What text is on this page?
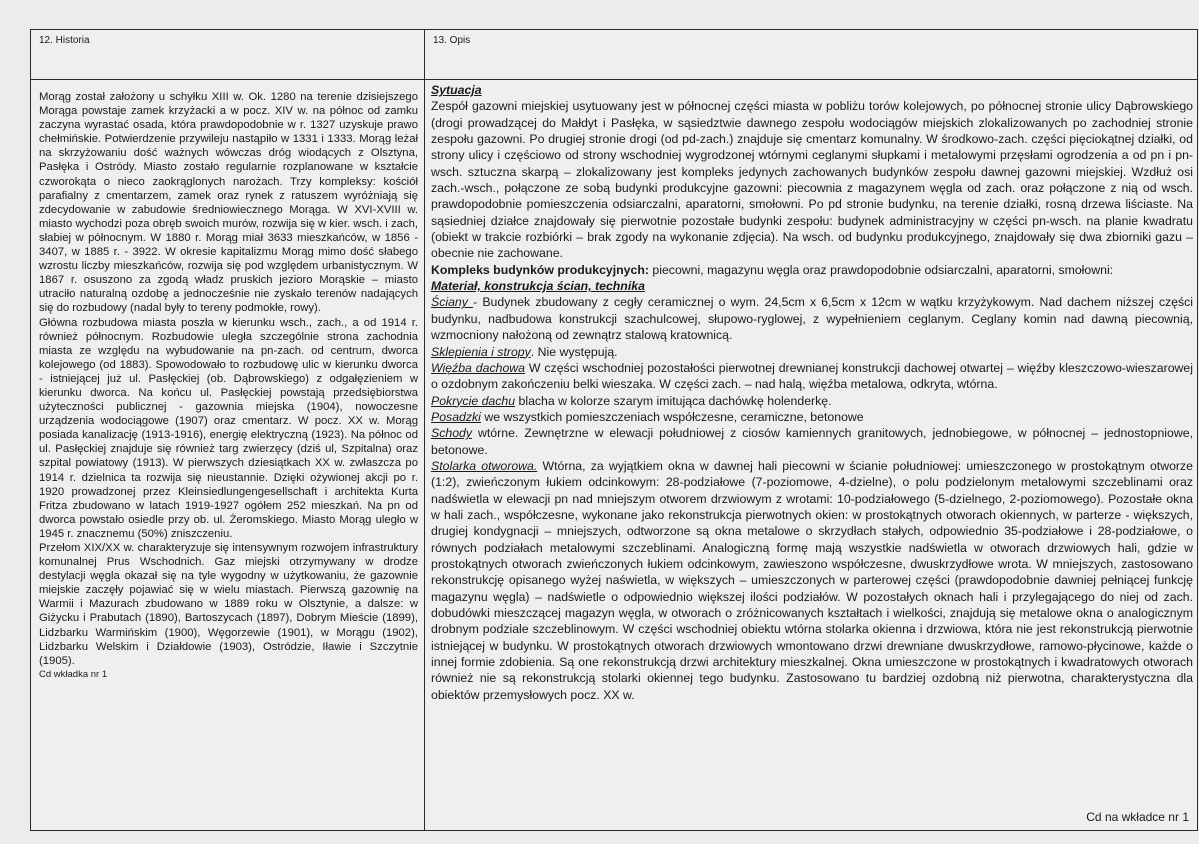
12. Historia

Morąg został założony u schyłku XIII w. Ok. 1280 na terenie dzisiejszego Morąga powstaje zamek krzyżacki a w pocz. XIV w. na północ od zamku zaczyna wyrastać osada, która prawdopodobnie w r. 1327 uzyskuje prawo chełmińskie. Potwierdzenie przywileju nastąpiło w 1331 i 1333. Morąg leżał na skrzyżowaniu dość ważnych wówczas dróg wiodących z Olsztyna, Pasłęka i Ostródy. Miasto zostało regularnie rozplanowane w kształcie czworokąta o nieco zaokrąglonych narożach. Trzy kompleksy: kościół parafialny z cmentarzem, zamek oraz rynek z ratuszem wyróżniają się zdecydowanie w zabudowie średniowiecznego Morąga. W XVI-XVIII w. miasto wychodzi poza obręb swoich murów, rozwija się w kier. wsch. i zach, słabiej w północnym. W 1880 r. Morąg miał 3633 mieszkańców, w 1856 - 3407, w 1885 r. - 3922. W okresie kapitalizmu Morąg mimo dość słabego wzrostu liczby mieszkańców, rozwija się pod względem urbanistycznym. W 1867 r. osuszono za zgodą władz pruskich jezioro Morąskie – miasto utraciło naturalną ozdobę a jednocześnie nie zyskało terenów nadających się do rozbudowy (nadal były to tereny podmokłe, rowy).

Główna rozbudowa miasta poszła w kierunku wsch., zach., a od 1914 r. również północnym. Rozbudowie uległa szczególnie strona zachodnia miasta ze względu na wybudowanie na pn-zach. od centrum, dworca kolejowego (od 1883). Spowodowało to rozbudowę ulic w kierunku dworca - istniejącej już ul. Pasłęckiej (ob. Dąbrowskiego) z odgałęzieniem w kierunku dworca. Na końcu ul. Pasłęckiej powstają przedsiębiorstwa użyteczności publicznej - gazownia miejska (1904), nowoczesne urządzenia wodociągowe (1907) oraz cmentarz. W pocz. XX w. Morąg posiada kanalizację (1913-1916), energię elektryczną (1923). Na północ od ul. Pasłęckiej znajduje się również targ zwierzęcy (dziś ul, Szpitalna) oraz szpital powiatowy (1913). W pierwszych dziesiątkach XX w. zwłaszcza po 1914 r. dzielnica ta rozwija się nieustannie. Dzięki ożywionej akcji po r. 1920 prowadzonej przez Kleinsiedlungengesellschaft i architekta Kurta Fritza zbudowano w latach 1919-1927 ogółem 252 mieszkań. Na pn od dworca powstało osiedle przy ob. ul. Żeromskiego. Miasto Morąg uległo w 1945 r. znacznemu (50%) zniszczeniu.

Przełom XIX/XX w. charakteryzuje się intensywnym rozwojem infrastruktury komunalnej Prus Wschodnich. Gaz miejski otrzymywany w drodze destylacji węgla okazał się na tyle wygodny w użytkowaniu, że gazownie miejskie zaczęły pojawiać się w wielu miastach. Pierwszą gazownię na Warmii i Mazurach zbudowano w 1889 roku w Olsztynie, a dalsze: w Giżycku i Prabutach (1890), Bartoszycach (1897), Dobrym Mieście (1899), Lidzbarku Warmińskim (1900), Węgorzewie (1901), w Morągu (1902), Lidzbarku Welskim i Działdowie (1903), Ostródzie, Iławie i Szczytnie (1905).

Cd wkładka nr 1
13. Opis
Sytuacja

Zespół gazowni miejskiej usytuowany jest w północnej części miasta w pobliżu torów kolejowych, po północnej stronie ulicy Dąbrowskiego (drogi prowadzącej do Małdyt i Pasłęka, w sąsiedztwie dawnego zespołu wodociągów miejskich zlokalizowanych po zachodniej stronie zespołu gazowni. Po drugiej stronie drogi (od pd-zach.) znajduje się cmentarz komunalny. W środkowo-zach. części pięciokątnej działki, od strony ulicy i częściowo od strony wschodniej wygrodzonej wtórnymi ceglanymi słupkami i metalowymi przęsłami ogrodzenia a od pn i pn-wsch. sztuczna skarpą – zlokalizowany jest kompleks jedynych zachowanych budynków zespołu dawnej gazowni miejskiej. Wzdłuż osi zach.-wsch., połączone ze sobą budynki produkcyjne gazowni: piecownia z magazynem węgla od zach. oraz połączone z nią od wsch. prawdopodobnie pomieszczenia odsiarczalni, aparatorni, smołowni. Po pd stronie budynku, na terenie działki, rosną drzewa liściaste. Na sąsiedniej działce znajdowały się pierwotnie pozostałe budynki zespołu: budynek administracyjny w części pn-wsch. na planie kwadratu (obiekt w trakcie rozbiórki – brak zgody na wykonanie zdjęcia). Na wsch. od budynku produkcyjnego, znajdowały się dwa zbiorniki gazu – obecnie nie zachowane.

Kompleks budynków produkcyjnych: piecowni, magazynu węgla oraz prawdopodobnie odsiarczalni, aparatorni, smołowni:

Materiał, konstrukcja ścian, technika

Ściany - Budynek zbudowany z cegły ceramicznej o wym. 24,5cm x 6,5cm x 12cm w wątku krzyżykowym. Nad dachem niższej części budynku, nadbudowa konstrukcji szachulcowej, słupowo-ryglowej, z wypełnieniem ceglanym. Ceglany komin nad dawną piecownią, wzmocniony nałożoną od zewnątrz stalową kratownicą.

Sklepienia i stropy. Nie występują.

Więźba dachowa W części wschodniej pozostałości pierwotnej drewnianej konstrukcji dachowej otwartej – więźby kleszczowo-wieszarowej o ozdobnym zakończeniu belki wieszaka. W części zach. – nad halą, więźba metalowa, odkryta, wtórna.

Pokrycie dachu blacha w kolorze szarym imitująca dachówkę holenderkę.

Posadzki we wszystkich pomieszczeniach współczesne, ceramiczne, betonowe

Schody wtórne. Zewnętrzne w elewacji południowej z ciosów kamiennych granitowych, jednobiegowe, w północnej – jednostopniowe, betonowe.

Stolarka otworowa. Wtórna, za wyjątkiem okna w dawnej hali piecowni w ścianie południowej: umieszczonego w prostokątnym otworze (1:2), zwieńczonym łukiem odcinkowym: 28-podziałowe (7-poziomowe, 4-dzielne), o polu podzielonym metalowymi szczeblinami oraz nadświetla w elewacji pn nad mniejszym otworem drzwiowym z wrotami: 10-podziałowego (5-dzielnego, 2-poziomowego). Pozostałe okna w hali zach., współczesne, wykonane jako rekonstrukcja pierwotnych okien: w prostokątnych otworach okiennych, w parterze - większych, drugiej kondygnacji – mniejszych, odtworzone są okna metalowe o skrzydłach stałych, odpowiednio 35-podziałowe i 28-podziałowe, o równych podziałach metalowymi szczeblinami. Analogiczną formę mają wszystkie nadświetla w otworach drzwiowych hali, gdzie w prostokątnych otworach zwieńczonych łukiem odcinkowym, zawieszono współczesne, dwuskrzydłowe wrota. W mniejszych, zastosowano rekonstrukcję opisanego wyżej naświetla, w większych – umieszczonych w parterowej części (prawdopodobnie dawniej pełniącej funkcję magazynu węgla) – nadświetle o odpowiednio większej ilości podziałów. W pozostałych oknach hali i przylegającego do niej od zach. dobudówki mieszczącej magazyn węgla, w otworach o zróżnicowanych kształtach i wielkości, znajdują się metalowe okna o analogicznym drobnym podziale szczeblinowym. W części wschodniej obiektu wtórna stolarka okienna i drzwiowa, która nie jest rekonstrukcją pierwotnie istniejącej w budynku. W prostokątnych otworach drzwiowych wmontowano drzwi drewniane dwuskrzydłowe, ramowo-płycinowe, każde o innej formie zdobienia. Są one rekonstrukcją drzwi architektury mieszkalnej. Okna umieszczone w prostokątnych i kwadratowych otworach również nie są rekonstrukcją stolarki okiennej tego budynku. Zastosowano tu bardziej ozdobną niż pierwotna, charakterystyczna dla obiektów przemysłowych pocz. XX w.

Cd na wkładce nr 1
